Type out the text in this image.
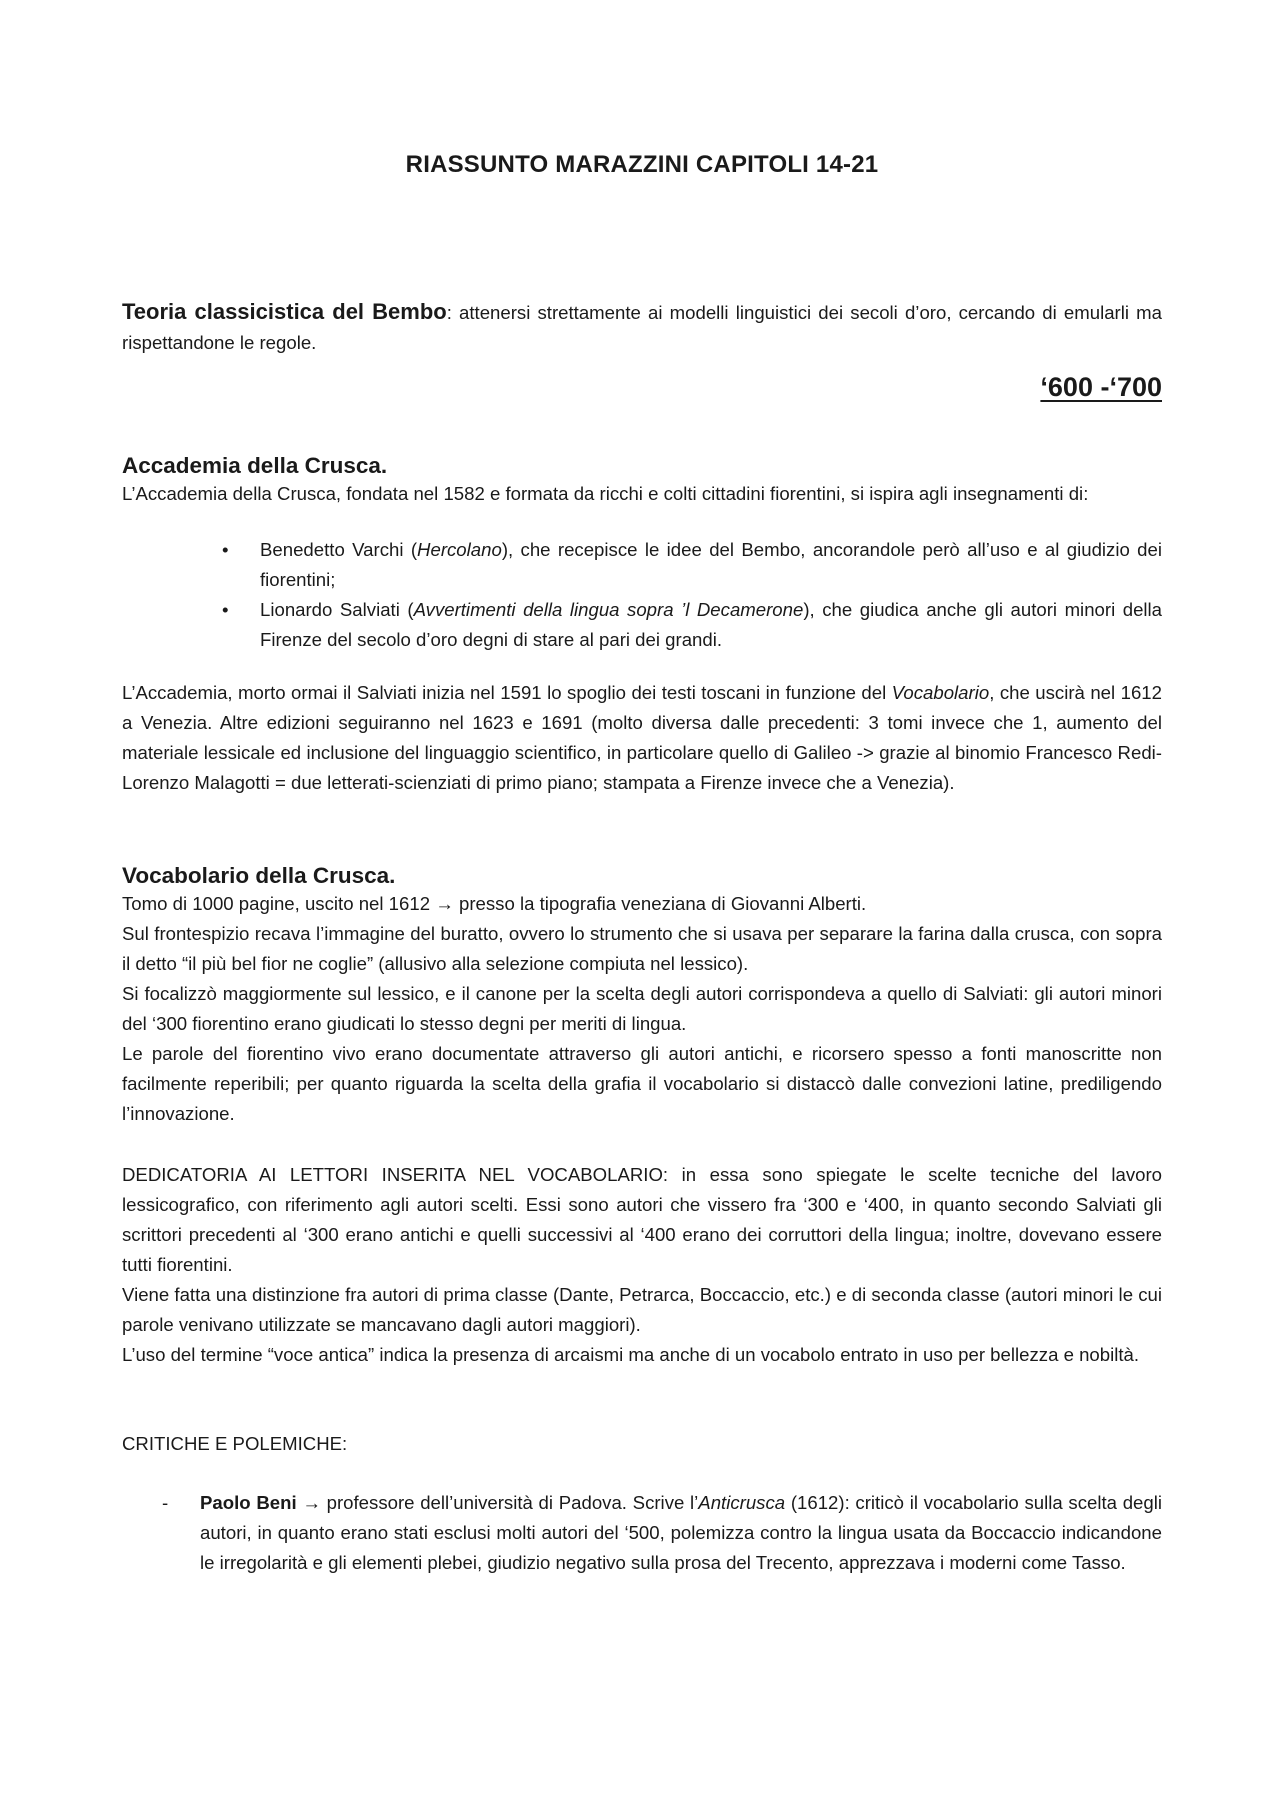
RIASSUNTO MARAZZINI CAPITOLI 14-21
Teoria classicistica del Bembo: attenersi strettamente ai modelli linguistici dei secoli d’oro, cercando di emularli ma rispettandone le regole.
‘600 -‘700
Accademia della Crusca.
L’Accademia della Crusca, fondata nel 1582 e formata da ricchi e colti cittadini fiorentini, si ispira agli insegnamenti di:
• Benedetto Varchi (Hercolano), che recepisce le idee del Bembo, ancorandole però all’uso e al giudizio dei fiorentini;
• Lionardo Salviati (Avvertimenti della lingua sopra ’l Decamerone), che giudica anche gli autori minori della Firenze del secolo d’oro degni di stare al pari dei grandi.
L’Accademia, morto ormai il Salviati inizia nel 1591 lo spoglio dei testi toscani in funzione del Vocabolario, che uscirà nel 1612 a Venezia. Altre edizioni seguiranno nel 1623 e 1691 (molto diversa dalle precedenti: 3 tomi invece che 1, aumento del materiale lessicale ed inclusione del linguaggio scientifico, in particolare quello di Galileo -> grazie al binomio Francesco Redi-Lorenzo Malagotti = due letterati-scienziati di primo piano; stampata a Firenze invece che a Venezia).
Vocabolario della Crusca.

Tomo di 1000 pagine, uscito nel 1612 → presso la tipografia veneziana di Giovanni Alberti.

Sul frontespizio recava l’immagine del buratto, ovvero lo strumento che si usava per separare la farina dalla crusca, con sopra il detto “il più bel fior ne coglie” (allusivo alla selezione compiuta nel lessico).

Si focalizzò maggiormente sul lessico, e il canone per la scelta degli autori corrispondeva a quello di Salviati: gli autori minori del ‘300 fiorentino erano giudicati lo stesso degni per meriti di lingua.

Le parole del fiorentino vivo erano documentate attraverso gli autori antichi, e ricorsero spesso a fonti manoscritte non facilmente reperibili; per quanto riguarda la scelta della grafia il vocabolario si distaccò dalle convezioni latine, prediligendo l’innovazione.

DEDICATORIA AI LETTORI INSERITA NEL VOCABOLARIO: in essa sono spiegate le scelte tecniche del lavoro lessicografico, con riferimento agli autori scelti. Essi sono autori che vissero fra ‘300 e ‘400, in quanto secondo Salviati gli scrittori precedenti al ‘300 erano antichi e quelli successivi al ‘400 erano dei corruttori della lingua; inoltre, dovevano essere tutti fiorentini.

Viene fatta una distinzione fra autori di prima classe (Dante, Petrarca, Boccaccio, etc.) e di seconda classe (autori minori le cui parole venivano utilizzate se mancavano dagli autori maggiori).

L’uso del termine “voce antica” indica la presenza di arcaismi ma anche di un vocabolo entrato in uso per bellezza e nobiltà.

CRITICHE E POLEMICHE:
- Paolo Beni → professore dell’università di Padova. Scrive l’Anticrusca (1612): criticò il vocabolario sulla scelta degli autori, in quanto erano stati esclusi molti autori del ‘500, polemizza contro la lingua usata da Boccaccio indicandone le irregolarità e gli elementi plebei, giudizio negativo sulla prosa del Trecento, apprezzava i moderni come Tasso.
